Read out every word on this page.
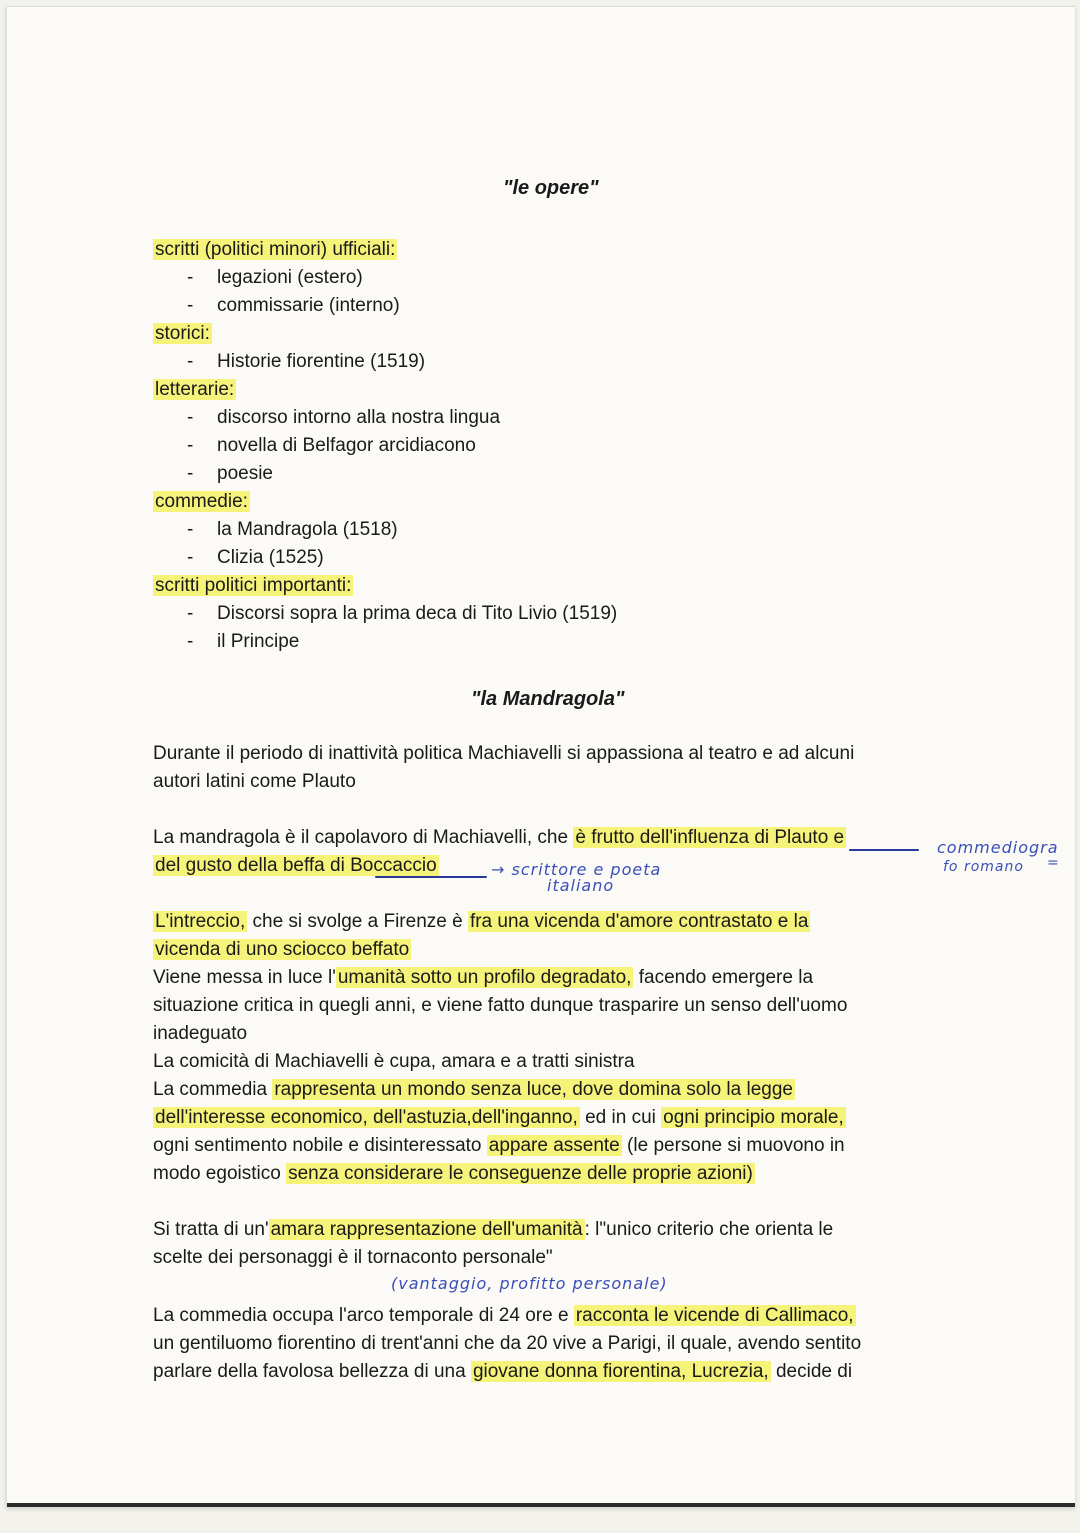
"le opere"
scritti (politici minori) ufficiali:
- legazioni (estero)
- commissarie (interno)
storici:
- Historie fiorentine (1519)
letterarie:
- discorso intorno alla nostra lingua
- novella di Belfagor arcidiacono
- poesie
commedie:
- la Mandragola (1518)
- Clizia (1525)
scritti politici importanti:
- Discorsi sopra la prima deca di Tito Livio (1519)
- il Principe
"la Mandragola"
Durante il periodo di inattività politica Machiavelli si appassiona al teatro e ad alcuni
autori latini come Plauto
La mandragola è il capolavoro di Machiavelli, che è frutto dell'influenza di Plauto e
del gusto della beffa di Boccaccio	→ scrittore e poeta
italiano
commediogra
fo romano =
L'intreccio, che si svolge a Firenze è fra una vicenda d'amore contrastato e la
vicenda di uno sciocco beffato
Viene messa in luce l' umanità sotto un profilo degradato, facendo emergere la
situazione critica in quegli anni, e viene fatto dunque trasparire un senso dell'uomo
inadeguato
La comicità di Machiavelli è cupa, amara e a tratti sinistra
La commedia rappresenta un mondo senza luce, dove domina solo la legge
dell'interesse economico, dell'astuzia,dell'inganno, ed in cui ogni principio morale,
ogni sentimento nobile e disinteressato appare assente (le persone si muovono in
modo egoistico senza considerare le conseguenze delle proprie azioni)
Si tratta di un' amara rappresentazione dell'umanità : l"unico criterio che orienta le
scelte dei personaggi è il tornaconto personale"
(vantaggio, profitto personale)
La commedia occupa l'arco temporale di 24 ore e racconta le vicende di Callimaco,
un gentiluomo fiorentino di trent'anni che da 20 vive a Parigi, il quale, avendo sentito
parlare della favolosa bellezza di una giovane donna fiorentina, Lucrezia, decide di
